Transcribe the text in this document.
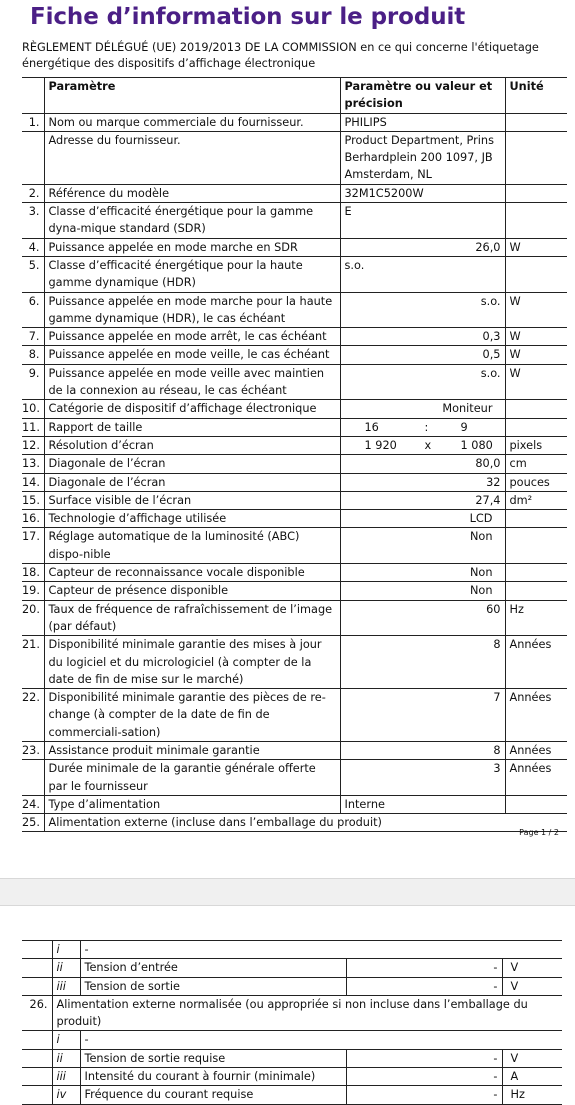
Fiche d’information sur le produit
RÈGLEMENT DÉLÉGUÉ (UE) 2019/2013 DE LA COMMISSION en ce qui concerne l'étiquetage énergétique des dispositifs d’affichage électronique
	Paramètre	Paramètre ou valeur et précision	Unité
1.	Nom ou marque commerciale du fournisseur.	PHILIPS	
	Adresse du fournisseur.	Product Department, Prins Berhardplein 200 1097, JB Amsterdam, NL	
2.	Référence du modèle	32M1C5200W	
3.	Classe d’efficacité énergétique pour la gamme dyna-mique standard (SDR)	E	
4.	Puissance appelée en mode marche en SDR	26,0	W
5.	Classe d’efficacité énergétique pour la haute gamme dynamique (HDR)	s.o.	
6.	Puissance appelée en mode marche pour la haute gamme dynamique (HDR), le cas échéant	s.o.	W
7.	Puissance appelée en mode arrêt, le cas échéant	0,3	W
8.	Puissance appelée en mode veille, le cas échéant	0,5	W
9.	Puissance appelée en mode veille avec maintien de la connexion au réseau, le cas échéant	s.o.	W
10.	Catégorie de dispositif d’affichage électronique	Moniteur	
11.	Rapport de taille	16 : 9	

12.	Résolution d’écran	1 920 x 1 080	pixels
13.	Diagonale de l’écran	80,0	cm
14.	Diagonale de l’écran	32	pouces
15.	Surface visible de l’écran	27,4	dm²
16.	Technologie d’affichage utilisée	LCD	
17.	Réglage automatique de la luminosité (ABC) dispo-nible	Non	
18.	Capteur de reconnaissance vocale disponible	Non	
19.	Capteur de présence disponible	Non	
20.	Taux de fréquence de rafraîchissement de l’image (par défaut)	60	Hz
21.	Disponibilité minimale garantie des mises à jour du logiciel et du micrologiciel (à compter de la date de fin de mise sur le marché)	8	Années
22.	Disponibilité minimale garantie des pièces de re-change (à compter de la date de fin de commerciali-sation)	7	Années
23.	Assistance produit minimale garantie	8	Années
	Durée minimale de la garantie générale offerte par le fournisseur	3	Années
24.	Type d’alimentation	Interne	
25.	Alimentation externe (incluse dans l’emballage du produit)		
Page 1 / 2
	i	-		
	ii	Tension d’entrée	-	V
	iii	Tension de sortie	-	V
26.	Alimentation externe normalisée (ou appropriée si non incluse dans l’emballage du produit)			
	i	-		
	ii	Tension de sortie requise	-	V
	iii	Intensité du courant à fournir (minimale)	-	A
	iv	Fréquence du courant requise	-	Hz
